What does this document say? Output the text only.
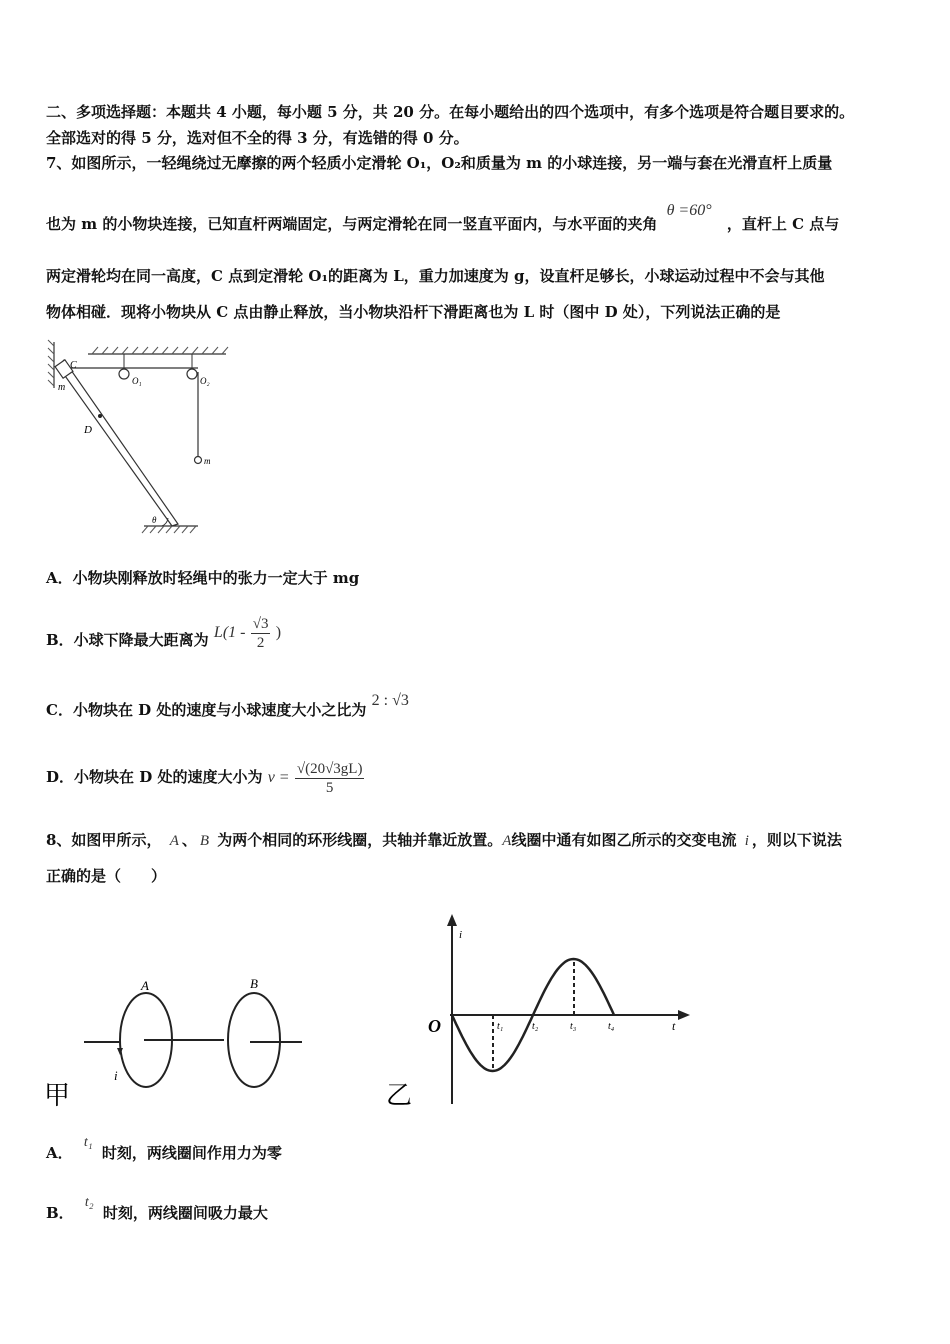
二、多项选择题：本题共 4 小题，每小题 5 分，共 20 分。在每小题给出的四个选项中，有多个选项是符合题目要求的。
全部选对的得 5 分，选对但不全的得 3 分，有选错的得 0 分。
7、如图所示，一轻绳绕过无摩擦的两个轻质小定滑轮 O₁，O₂和质量为 m 的小球连接，另一端与套在光滑直杆上质量
也为 m 的小物块连接，已知直杆两端固定，与两定滑轮在同一竖直平面内，与水平面的夹角 θ =60° ，直杆上 C 点与
两定滑轮均在同一高度，C 点到定滑轮 O₁的距离为 L，重力加速度为 g，设直杆足够长，小球运动过程中不会与其他
物体相碰．现将小物块从 C 点由静止释放，当小物块沿杆下滑距离也为 L 时（图中 D 处），下列说法正确的是
O₁	O₂
C
m
D
m
θ
A．小物块刚释放时轻绳中的张力一定大于 mg
B．小球下降最大距离为 $L(1 - \frac{√3}{2}$ )
C．小物块在 D 处的速度与小球速度大小之比为 2 : √3
D．小物块在 D 处的速度大小为 $v = \frac{√(20√3gL)}{5}$
8、如图甲所示， A 、 B 为两个相同的环形线圈，共轴并靠近放置。A线圈中通有如图乙所示的交变电流 i ，则以下说法
正确的是（　　）
A	B
i
甲
O
i
t
t₁	t₂	t₃	t₄
乙
A． t₁ 时刻，两线圈间作用力为零
B． t₂ 时刻，两线圈间吸力最大
